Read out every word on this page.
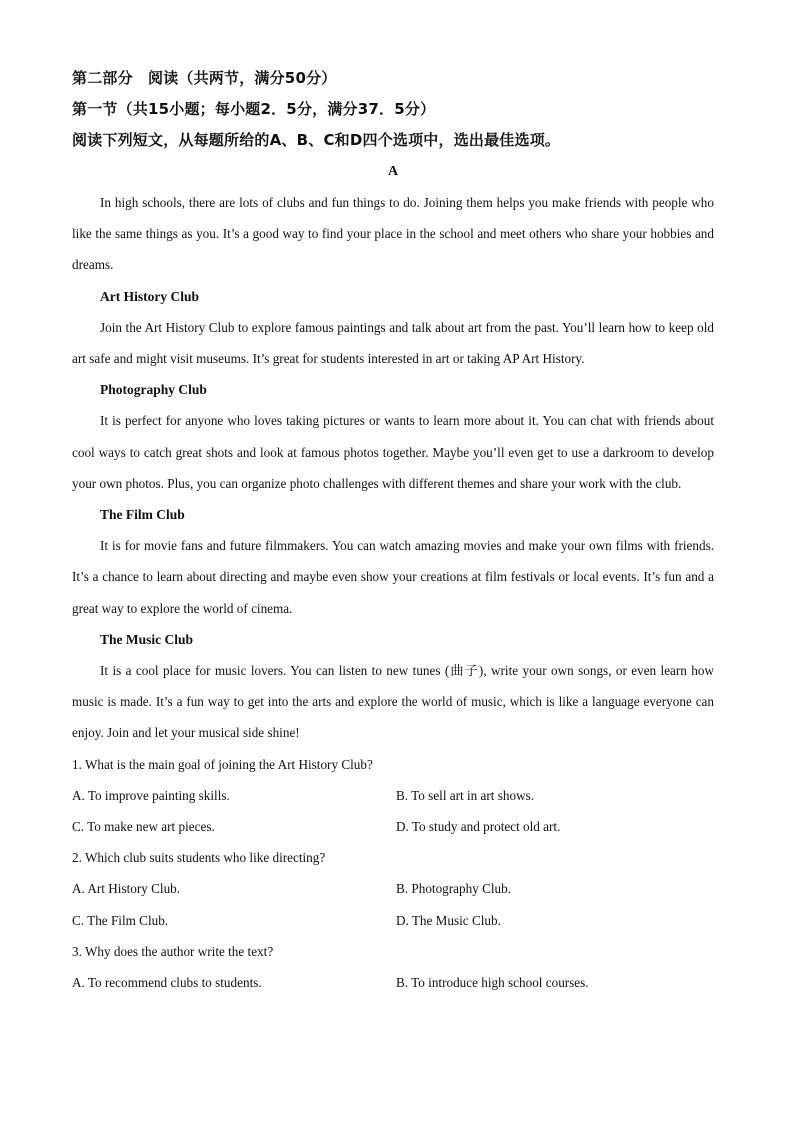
第二部分　阅读（共两节，满分50分）
第一节（共15小题；每小题2．5分，满分37．5分）
阅读下列短文，从每题所给的A、B、C和D四个选项中，选出最佳选项。
A

In high schools, there are lots of clubs and fun things to do. Joining them helps you make friends with people who like the same things as you. It’s a good way to find your place in the school and meet others who share your hobbies and dreams.

Art History Club

Join the Art History Club to explore famous paintings and talk about art from the past. You’ll learn how to keep old art safe and might visit museums. It’s great for students interested in art or taking AP Art History.

Photography Club

It is perfect for anyone who loves taking pictures or wants to learn more about it. You can chat with friends about cool ways to catch great shots and look at famous photos together. Maybe you’ll even get to use a darkroom to develop your own photos. Plus, you can organize photo challenges with different themes and share your work with the club.

The Film Club

It is for movie fans and future filmmakers. You can watch amazing movies and make your own films with friends. It’s a chance to learn about directing and maybe even show your creations at film festivals or local events. It’s fun and a great way to explore the world of cinema.

The Music Club

It is a cool place for music lovers. You can listen to new tunes (曲子), write your own songs, or even learn how music is made. It’s a fun way to get into the arts and explore the world of music, which is like a language everyone can enjoy. Join and let your musical side shine!

1. What is the main goal of joining the Art History Club?
A. To improve painting skills.	B. To sell art in art shows.
C. To make new art pieces.	D. To study and protect old art.
2. Which club suits students who like directing?
A. Art History Club.	B. Photography Club.
C. The Film Club.	D. The Music Club.
3. Why does the author write the text?
A. To recommend clubs to students.	B. To introduce high school courses.
